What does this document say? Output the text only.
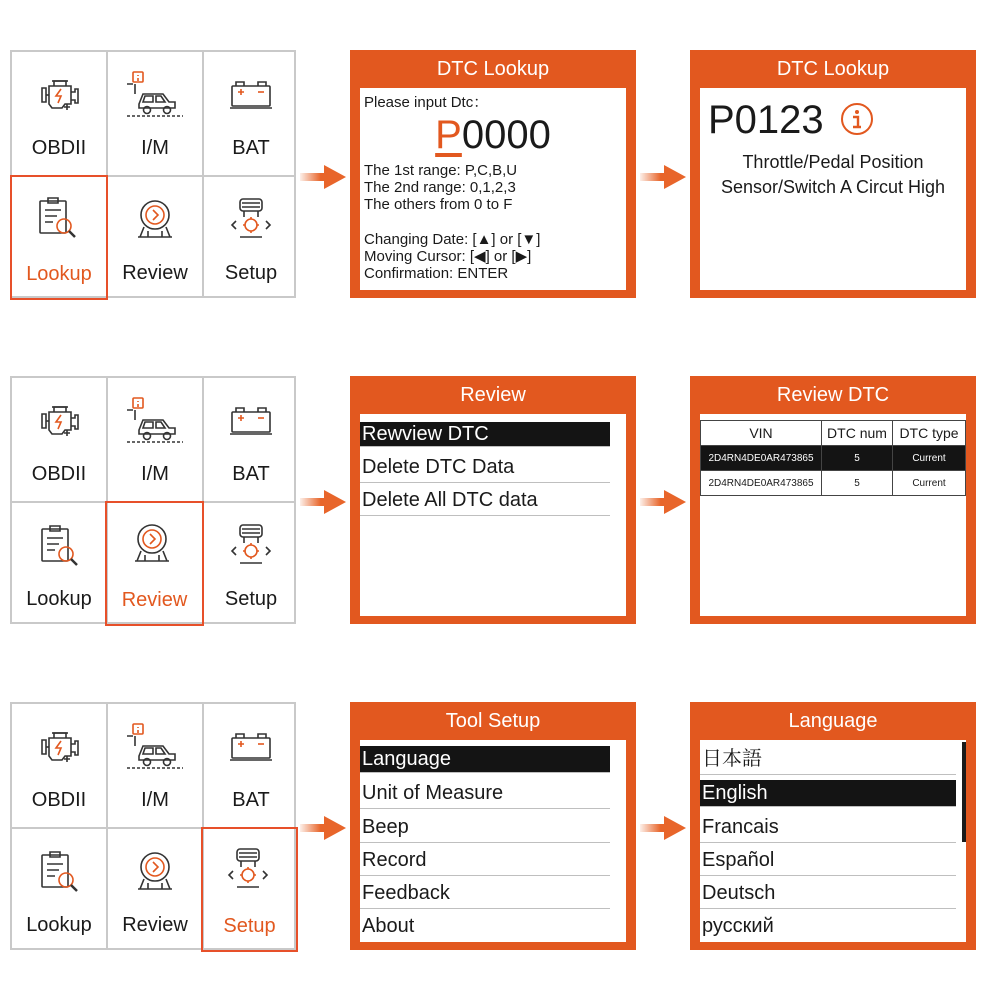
OBDII	I/M	BAT
Lookup	Review	Setup
DTC Lookup
Please input Dtc：
P0000
The 1st range: P,C,B,U
The 2nd range: 0,1,2,3
The others from 0 to F
Changing Date: [▲] or [▼]
Moving Cursor: [◀] or [▶]
Confirmation: ENTER
DTC Lookup
P0123
Throttle/Pedal Position
Sensor/Switch A Circut High
OBDII	I/M	BAT
Lookup	Review	Setup
Review
Rewview DTC
Delete DTC Data
Delete All DTC data
Review DTC
VIN	DTC num	DTC type
2D4RN4DE0AR473865	5	Current
2D4RN4DE0AR473865	5	Current
OBDII	I/M	BAT
Lookup	Review	Setup
Tool Setup
Language
Unit of Measure
Beep
Record
Feedback
About
Language
日本語
English
Francais
Español
Deutsch
русский
